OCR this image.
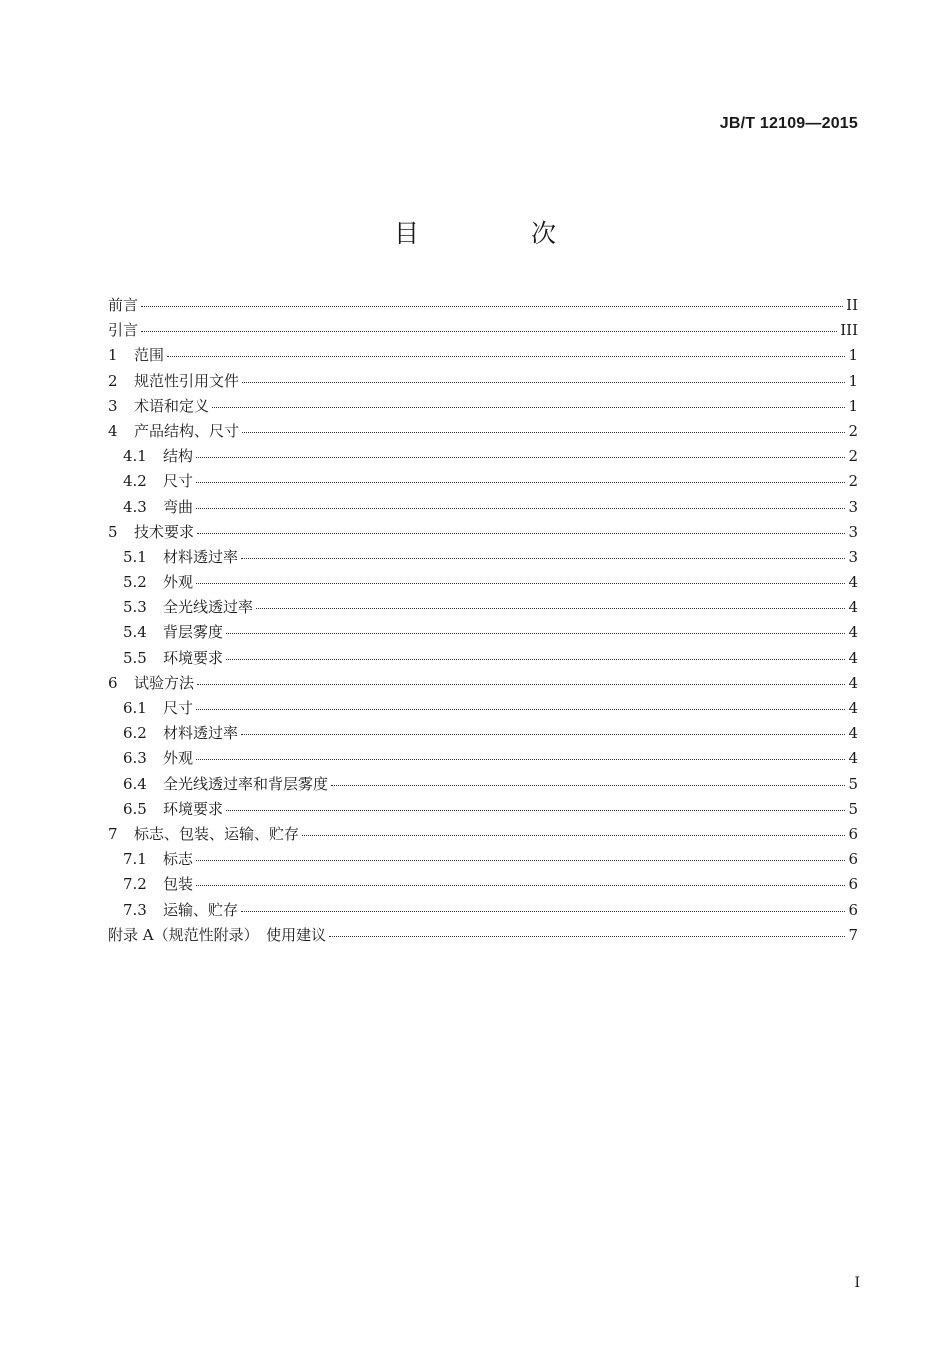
JB/T 12109—2015
目 次
前言	II
引言	III
1	范围	1
2	规范性引用文件	1
3	术语和定义	1
4	产品结构、尺寸	2
4.1	结构	2
4.2	尺寸	2
4.3	弯曲	3
5	技术要求	3
5.1	材料透过率	3
5.2	外观	4
5.3	全光线透过率	4
5.4	背层雾度	4
5.5	环境要求	4
6	试验方法	4
6.1	尺寸	4
6.2	材料透过率	4
6.3	外观	4
6.4	全光线透过率和背层雾度	5
6.5	环境要求	5
7	标志、包装、运输、贮存	6
7.1	标志	6
7.2	包装	6
7.3	运输、贮存	6
附录 A（规范性附录）　使用建议	7
I
